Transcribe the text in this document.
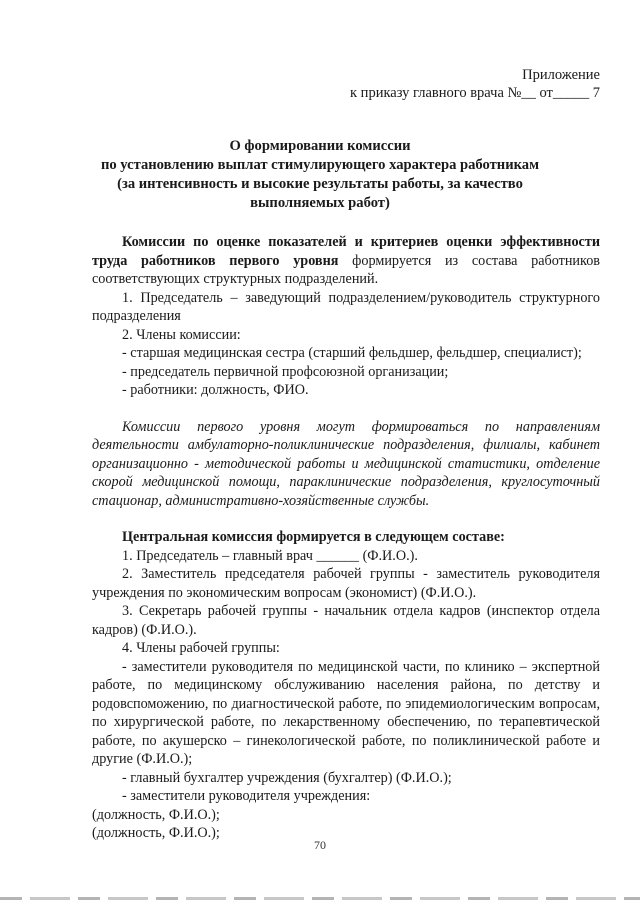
Приложение
к приказу главного врача №__ от_____ 7
О формировании комиссии
по установлению выплат стимулирующего характера работникам
(за интенсивность и высокие результаты работы, за качество
выполняемых работ)

Комиссии по оценке показателей и критериев оценки эффективности труда работников первого уровня формируется из состава работников соответствующих структурных подразделений.

1. Председатель – заведующий подразделением/руководитель структурного подразделения

2. Члены комиссии:

- старшая медицинская сестра (старший фельдшер, фельдшер, специалист);

- председатель первичной профсоюзной организации;

- работники: должность, ФИО.

Комиссии первого уровня могут формироваться по направлениям деятельности амбулаторно-поликлинические подразделения, филиалы, кабинет организационно - методической работы и медицинской статистики, отделение скорой медицинской помощи, параклинические подразделения, круглосуточный стационар, административно-хозяйственные службы.

Центральная комиссия формируется в следующем составе:

1. Председатель – главный врач ______ (Ф.И.О.).

2. Заместитель председателя рабочей группы - заместитель руководителя учреждения по экономическим вопросам (экономист) (Ф.И.О.).

3. Секретарь рабочей группы - начальник отдела кадров (инспектор отдела кадров) (Ф.И.О.).

4. Члены рабочей группы:

- заместители руководителя по медицинской части, по клинико – экспертной работе, по медицинскому обслуживанию населения района, по детству и родовспоможению, по диагностической работе, по эпидемиологическим вопросам, по хирургической работе, по лекарственному обеспечению, по терапевтической работе, по акушерско – гинекологической работе, по поликлинической работе и другие (Ф.И.О.);

- главный бухгалтер учреждения (бухгалтер) (Ф.И.О.);

- заместители руководителя учреждения:

(должность, Ф.И.О.);

(должность, Ф.И.О.);

70
